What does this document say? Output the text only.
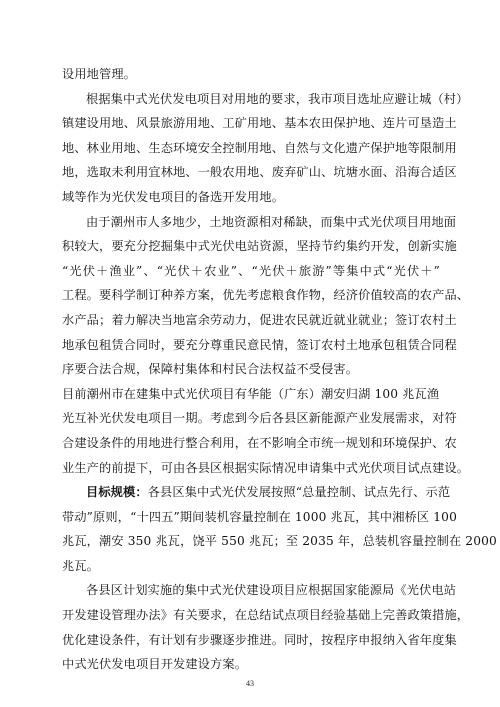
设用地管理。
根据集中式光伏发电项目对用地的要求，我市项目选址应避让城（村）
镇建设用地、风景旅游用地、工矿用地、基本农田保护地、连片可垦造土
地、林业用地、生态环境安全控制用地、自然与文化遗产保护地等限制用
地，选取未利用宜林地、一般农用地、废弃矿山、坑塘水面、沿海合适区
域等作为光伏发电项目的备选开发用地。
由于潮州市人多地少，土地资源相对稀缺，而集中式光伏项目用地面
积较大，要充分挖掘集中式光伏电站资源，坚持节约集约开发，创新实施
“光伏＋渔业”、“光伏＋农业”、“光伏＋旅游”等集中式“光伏＋”
工程。要科学制订种养方案，优先考虑粮食作物，经济价值较高的农产品、
水产品；着力解决当地富余劳动力，促进农民就近就业就业；签订农村土
地承包租赁合同时，要充分尊重民意民情，签订农村土地承包租赁合同程
序要合法合规，保障村集体和村民合法权益不受侵害。
目前潮州市在建集中式光伏项目有华能（广东）潮安归湖 100 兆瓦渔
光互补光伏发电项目一期。考虑到今后各县区新能源产业发展需求，对符
合建设条件的用地进行整合利用，在不影响全市统一规划和环境保护、农
业生产的前提下，可由各县区根据实际情况申请集中式光伏项目试点建设。
目标规模：各县区集中式光伏发展按照“总量控制、试点先行、示范
带动”原则，“十四五”期间装机容量控制在 1000 兆瓦，其中湘桥区 100
兆瓦，潮安 350 兆瓦，饶平 550 兆瓦；至 2035 年，总装机容量控制在 2000
兆瓦。
各县区计划实施的集中式光伏建设项目应根据国家能源局《光伏电站
开发建设管理办法》有关要求，在总结试点项目经验基础上完善政策措施，
优化建设条件，有计划有步骤逐步推进。同时，按程序申报纳入省年度集
中式光伏发电项目开发建设方案。
43
